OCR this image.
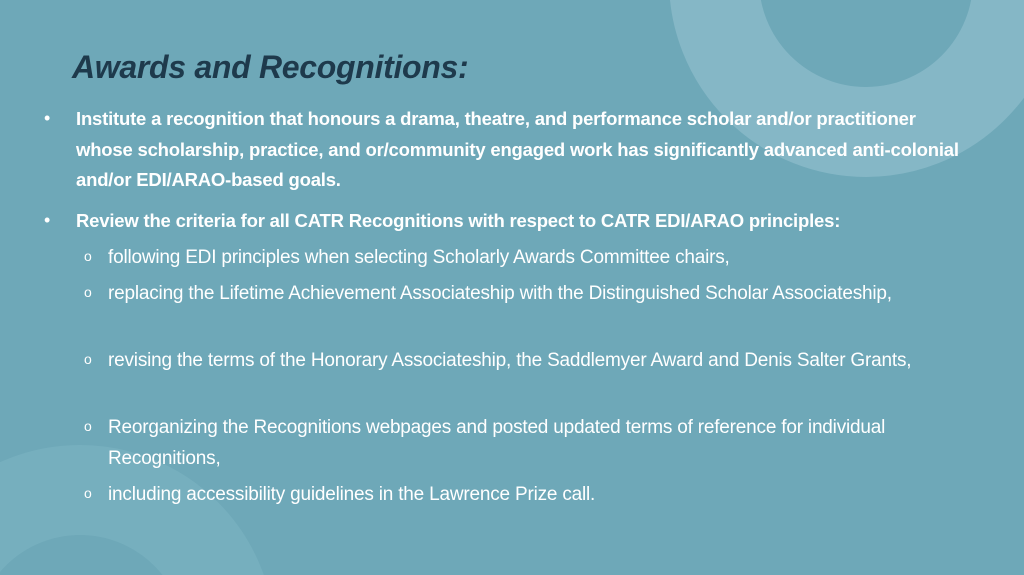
Awards and Recognitions:
• Institute a recognition that honours a drama, theatre, and performance scholar and/or practitioner whose scholarship, practice, and or/community engaged work has significantly advanced anti-colonial and/or EDI/ARAO-based goals.
• Review the criteria for all CATR Recognitions with respect to CATR EDI/ARAO principles:
o following EDI principles when selecting Scholarly Awards Committee chairs,
o replacing the Lifetime Achievement Associateship with the Distinguished Scholar Associateship,
o revising the terms of the Honorary Associateship, the Saddlemyer Award and Denis Salter Grants,
o Reorganizing the Recognitions webpages and posted updated terms of reference for individual Recognitions,
o including accessibility guidelines in the Lawrence Prize call.
